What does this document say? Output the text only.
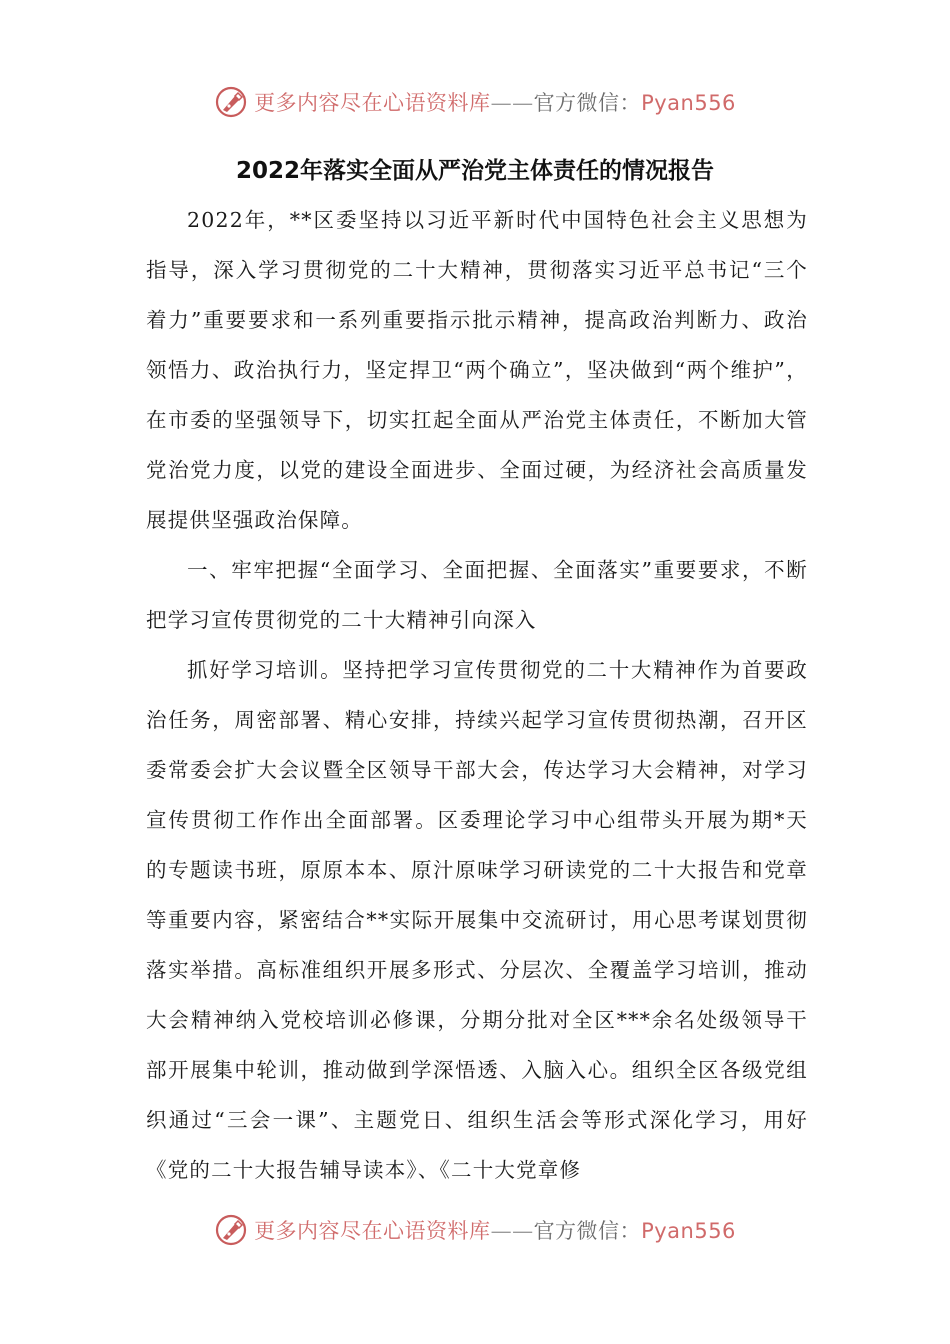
更多内容尽在心语资料库——官方微信：Pyan556
2022年落实全面从严治党主体责任的情况报告

2022年，**区委坚持以习近平新时代中国特色社会主义思想为指导，深入学习贯彻党的二十大精神，贯彻落实习近平总书记“三个着力”重要要求和一系列重要指示批示精神，提高政治判断力、政治领悟力、政治执行力，坚定捍卫“两个确立”，坚决做到“两个维护”，在市委的坚强领导下，切实扛起全面从严治党主体责任，不断加大管党治党力度，以党的建设全面进步、全面过硬，为经济社会高质量发展提供坚强政治保障。

一、牢牢把握“全面学习、全面把握、全面落实”重要要求，不断把学习宣传贯彻党的二十大精神引向深入

抓好学习培训。坚持把学习宣传贯彻党的二十大精神作为首要政治任务，周密部署、精心安排，持续兴起学习宣传贯彻热潮，召开区委常委会扩大会议暨全区领导干部大会，传达学习大会精神，对学习宣传贯彻工作作出全面部署。区委理论学习中心组带头开展为期*天的专题读书班，原原本本、原汁原味学习研读党的二十大报告和党章等重要内容，紧密结合**实际开展集中交流研讨，用心思考谋划贯彻落实举措。高标准组织开展多形式、分层次、全覆盖学习培训，推动大会精神纳入党校培训必修课，分期分批对全区***余名处级领导干部开展集中轮训，推动做到学深悟透、入脑入心。组织全区各级党组织通过“三会一课”、主题党日、组织生活会等形式深化学习，用好《党的二十大报告辅导读本》、《二十大党章修

更多内容尽在心语资料库——官方微信：Pyan556
